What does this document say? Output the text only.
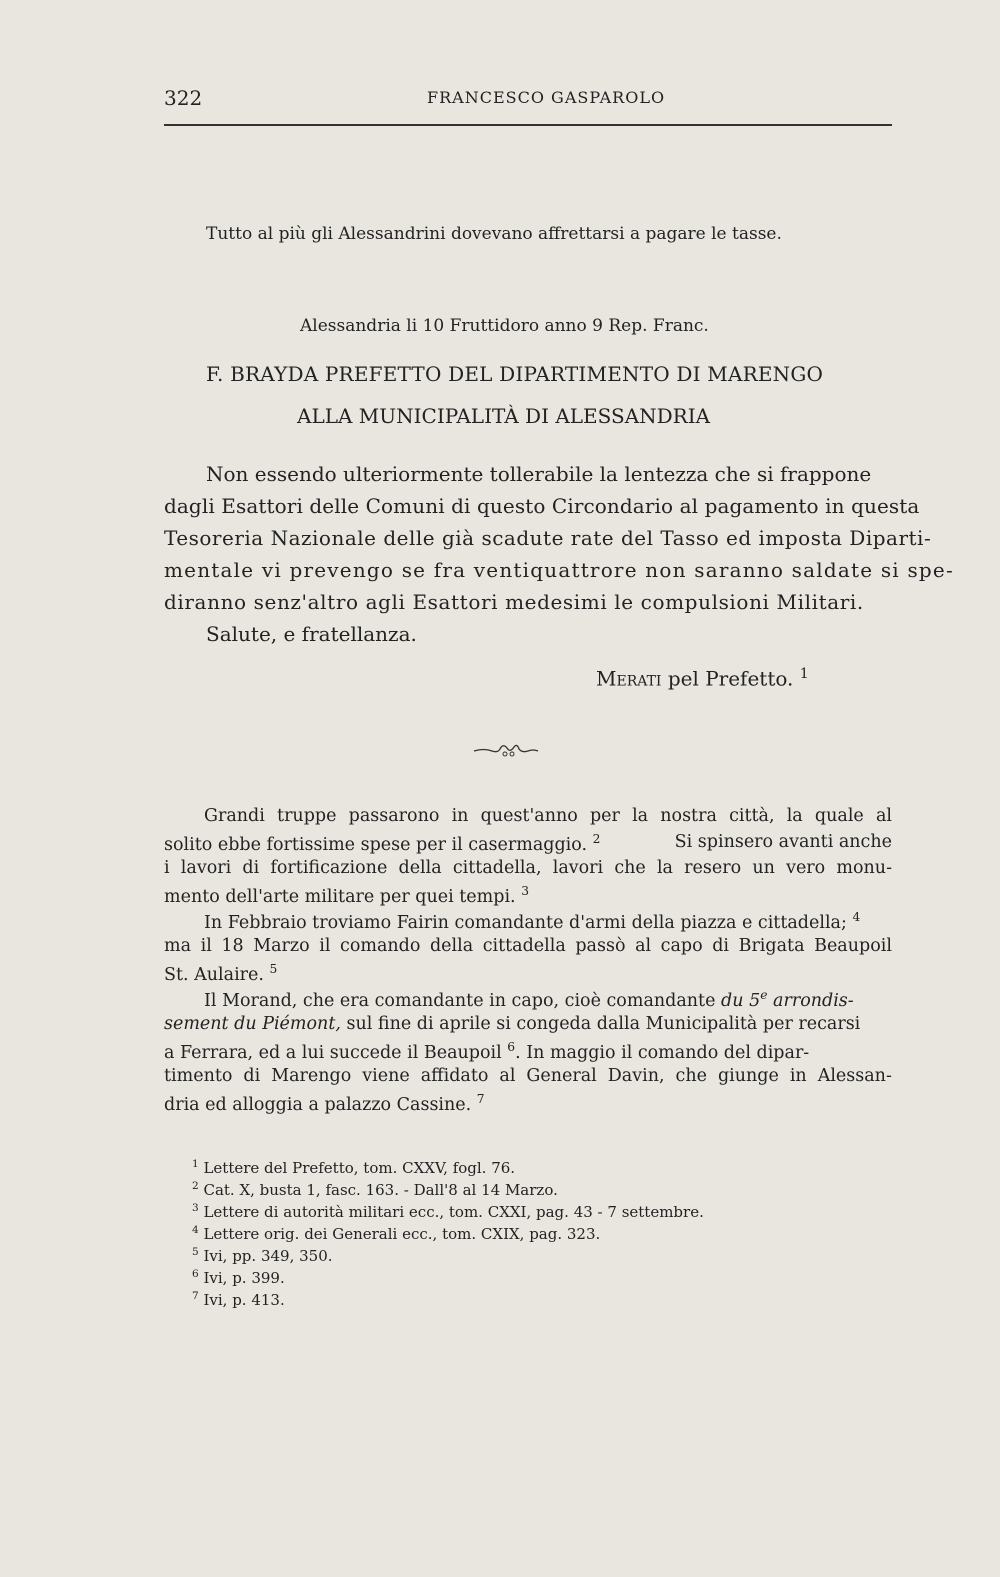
322	FRANCESCO GASPAROLO
Tutto al più gli Alessandrini dovevano affrettarsi a pagare le tasse.
Alessandria li 10 Fruttidoro anno 9 Rep. Franc.
F. BRAYDA PREFETTO DEL DIPARTIMENTO DI MARENGO
ALLA MUNICIPALITÀ DI ALESSANDRIA
Non essendo ulteriormente tollerabile la lentezza che si frappone
dagli Esattori delle Comuni di questo Circondario al pagamento in questa
Tesoreria Nazionale delle già scadute rate del Tasso ed imposta Diparti-
mentale vi prevengo se fra ventiquattrore non saranno saldate si spe-
diranno senz'altro agli Esattori medesimi le compulsioni Militari.
Salute, e fratellanza.
Merati pel Prefetto. $^1$
Grandi truppe passarono in quest'anno per la nostra città, la quale al
solito ebbe fortissime spese per il casermaggio. $^2$	Si spinsero avanti anche
i lavori di fortificazione della cittadella, lavori che la resero un vero monu-
mento dell'arte militare per quei tempi. $^3$
In Febbraio troviamo Fairin comandante d'armi della piazza e cittadella; $^4$
ma il 18 Marzo il comando della cittadella passò al capo di Brigata Beaupoil
St. Aulaire. $^5$
Il Morand, che era comandante in capo, cioè comandante du 5e arrondis-
sement du Piémont, sul fine di aprile si congeda dalla Municipalità per recarsi
a Ferrara, ed a lui succede il Beaupoil $^6$. In maggio il comando del dipar-
timento di Marengo viene affidato al General Davin, che giunge in Alessan-
dria ed alloggia a palazzo Cassine. $^7$
$^1$ Lettere del Prefetto, tom. CXXV, fogl. 76.
$^2$ Cat. X, busta 1, fasc. 163. - Dall'8 al 14 Marzo.
$^3$ Lettere di autorità militari ecc., tom. CXXI, pag. 43 - 7 settembre.
$^4$ Lettere orig. dei Generali ecc., tom. CXIX, pag. 323.
$^5$ Ivi, pp. 349, 350.
$^6$ Ivi, p. 399.
$^7$ Ivi, p. 413.
